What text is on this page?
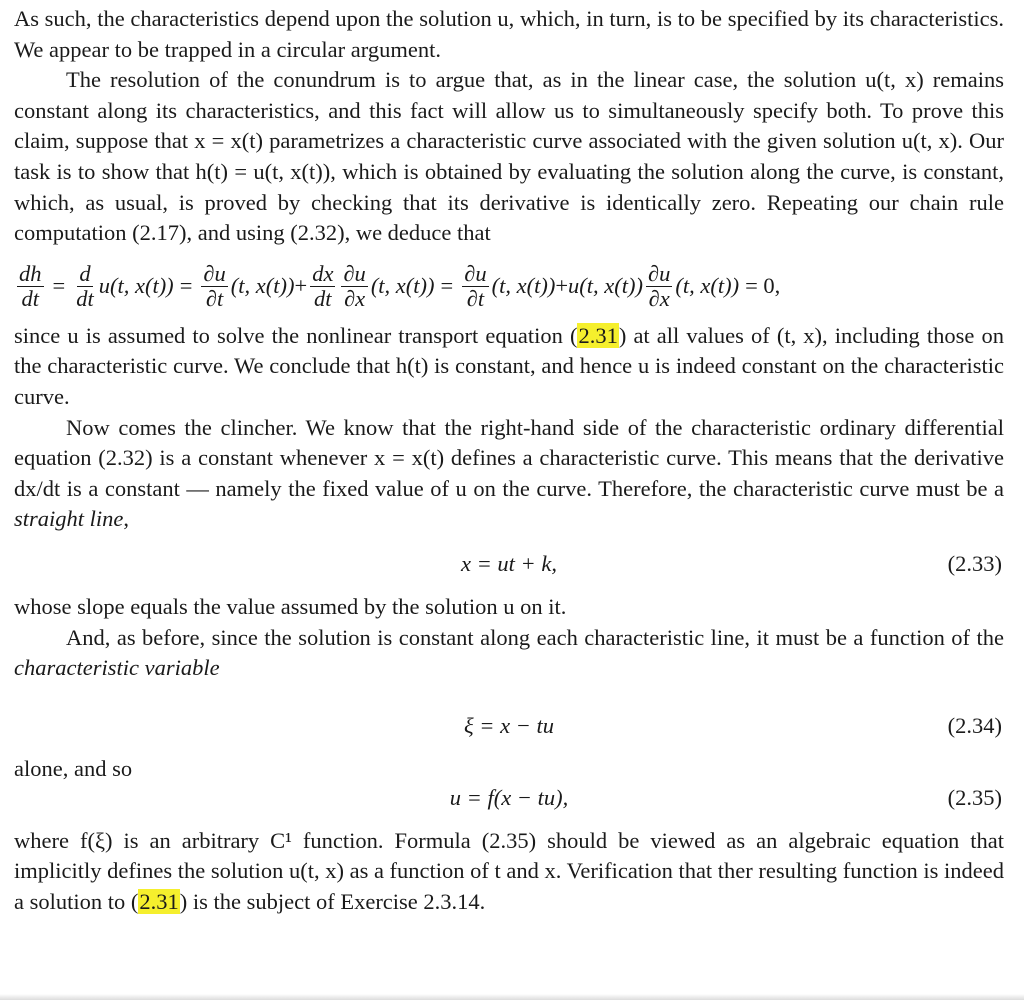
As such, the characteristics depend upon the solution u, which, in turn, is to be specified by its characteristics. We appear to be trapped in a circular argument.

The resolution of the conundrum is to argue that, as in the linear case, the solution u(t, x) remains constant along its characteristics, and this fact will allow us to simultaneously specify both. To prove this claim, suppose that x = x(t) parametrizes a characteristic curve associated with the given solution u(t, x). Our task is to show that h(t) = u(t, x(t)), which is obtained by evaluating the solution along the curve, is constant, which, as usual, is proved by checking that its derivative is identically zero. Repeating our chain rule computation (2.17), and using (2.32), we deduce that

$\frac{dh}{dt} = \frac{d}{dt} u(t$, $x(t)) = \frac{\partial u}{\partial t} (t$, $x(t)) + \frac{dx}{dt} \frac{\partial u}{\partial x} (t$, $x(t)) = \frac{\partial u}{\partial t} (t$, x(t)) + u(t, $x(t)) \frac{\partial u}{\partial x} (t$, x(t)) = 0,

since u is assumed to solve the nonlinear transport equation (2.31) at all values of (t, x), including those on the characteristic curve. We conclude that h(t) is constant, and hence u is indeed constant on the characteristic curve.

Now comes the clincher. We know that the right-hand side of the characteristic ordinary differential equation (2.32) is a constant whenever x = x(t) defines a characteristic curve. This means that the derivative dx/dt is a constant — namely the fixed value of u on the curve. Therefore, the characteristic curve must be a straight line,

x = ut + k,	(2.33)

whose slope equals the value assumed by the solution u on it.

And, as before, since the solution is constant along each characteristic line, it must be a function of the characteristic variable

ξ = x − tu	(2.34)

alone, and so

u = f(x − tu),	(2.35)

where f(ξ) is an arbitrary C¹ function. Formula (2.35) should be viewed as an algebraic equation that implicitly defines the solution u(t, x) as a function of t and x. Verification that ther resulting function is indeed a solution to (2.31) is the subject of Exercise 2.3.14.
